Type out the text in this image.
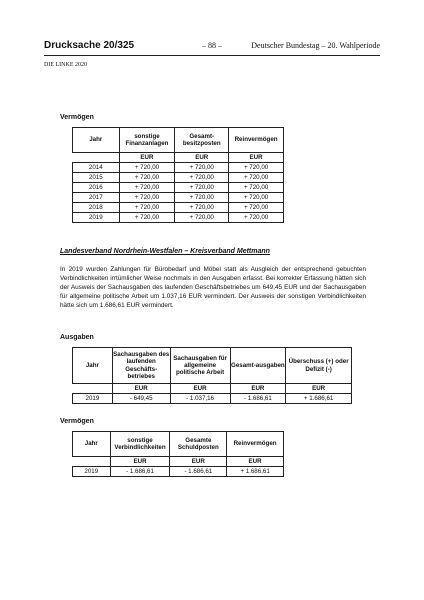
Drucksache 20/325	– 88 –	Deutscher Bundestag – 20. Wahlperiode
DIE LINKE 2020
Vermögen
Jahr	sonstige Finanzanlagen	Gesamt-besitzposten	Reinvermögen
	EUR	EUR	EUR
2014	+ 720,00	+ 720,00	+ 720,00
2015	+ 720,00	+ 720,00	+ 720,00
2016	+ 720,00	+ 720,00	+ 720,00
2017	+ 720,00	+ 720,00	+ 720,00
2018	+ 720,00	+ 720,00	+ 720,00
2019	+ 720,00	+ 720,00	+ 720,00
Landesverband Nordrhein-Westfalen – Kreisverband Mettmann
In 2019 wurden Zahlungen für Bürobedarf und Möbel statt als Ausgleich der entsprechend gebuchten Verbindlichkeiten irrtümlicher Weise nochmals in den Ausgaben erfasst. Bei korrekter Erfassung hätten sich der Ausweis der Sachausgaben des laufenden Geschäftsbetriebes um 649,45 EUR und der Sachausgaben für allgemeine politische Arbeit um 1.037,16 EUR vermindert. Der Ausweis der sonstigen Verbindlichkeiten hätte sich um 1.686,61 EUR vermindert.
Ausgaben
Jahr	Sachausgaben des laufenden Geschäfts-betriebes	Sachausgaben für allgemeine politische Arbeit	Gesamt-ausgaben	Überschuss (+) oder Defizit (-)
	EUR	EUR	EUR	EUR
2019	- 649,45	- 1.037,16	- 1.686,61	+ 1.686,61
Vermögen
Jahr	sonstige Verbindlichkeiten	Gesamte Schuldposten	Reinvermögen
	EUR	EUR	EUR
2019	- 1.686,61	- 1.686,61	+ 1.686,61
